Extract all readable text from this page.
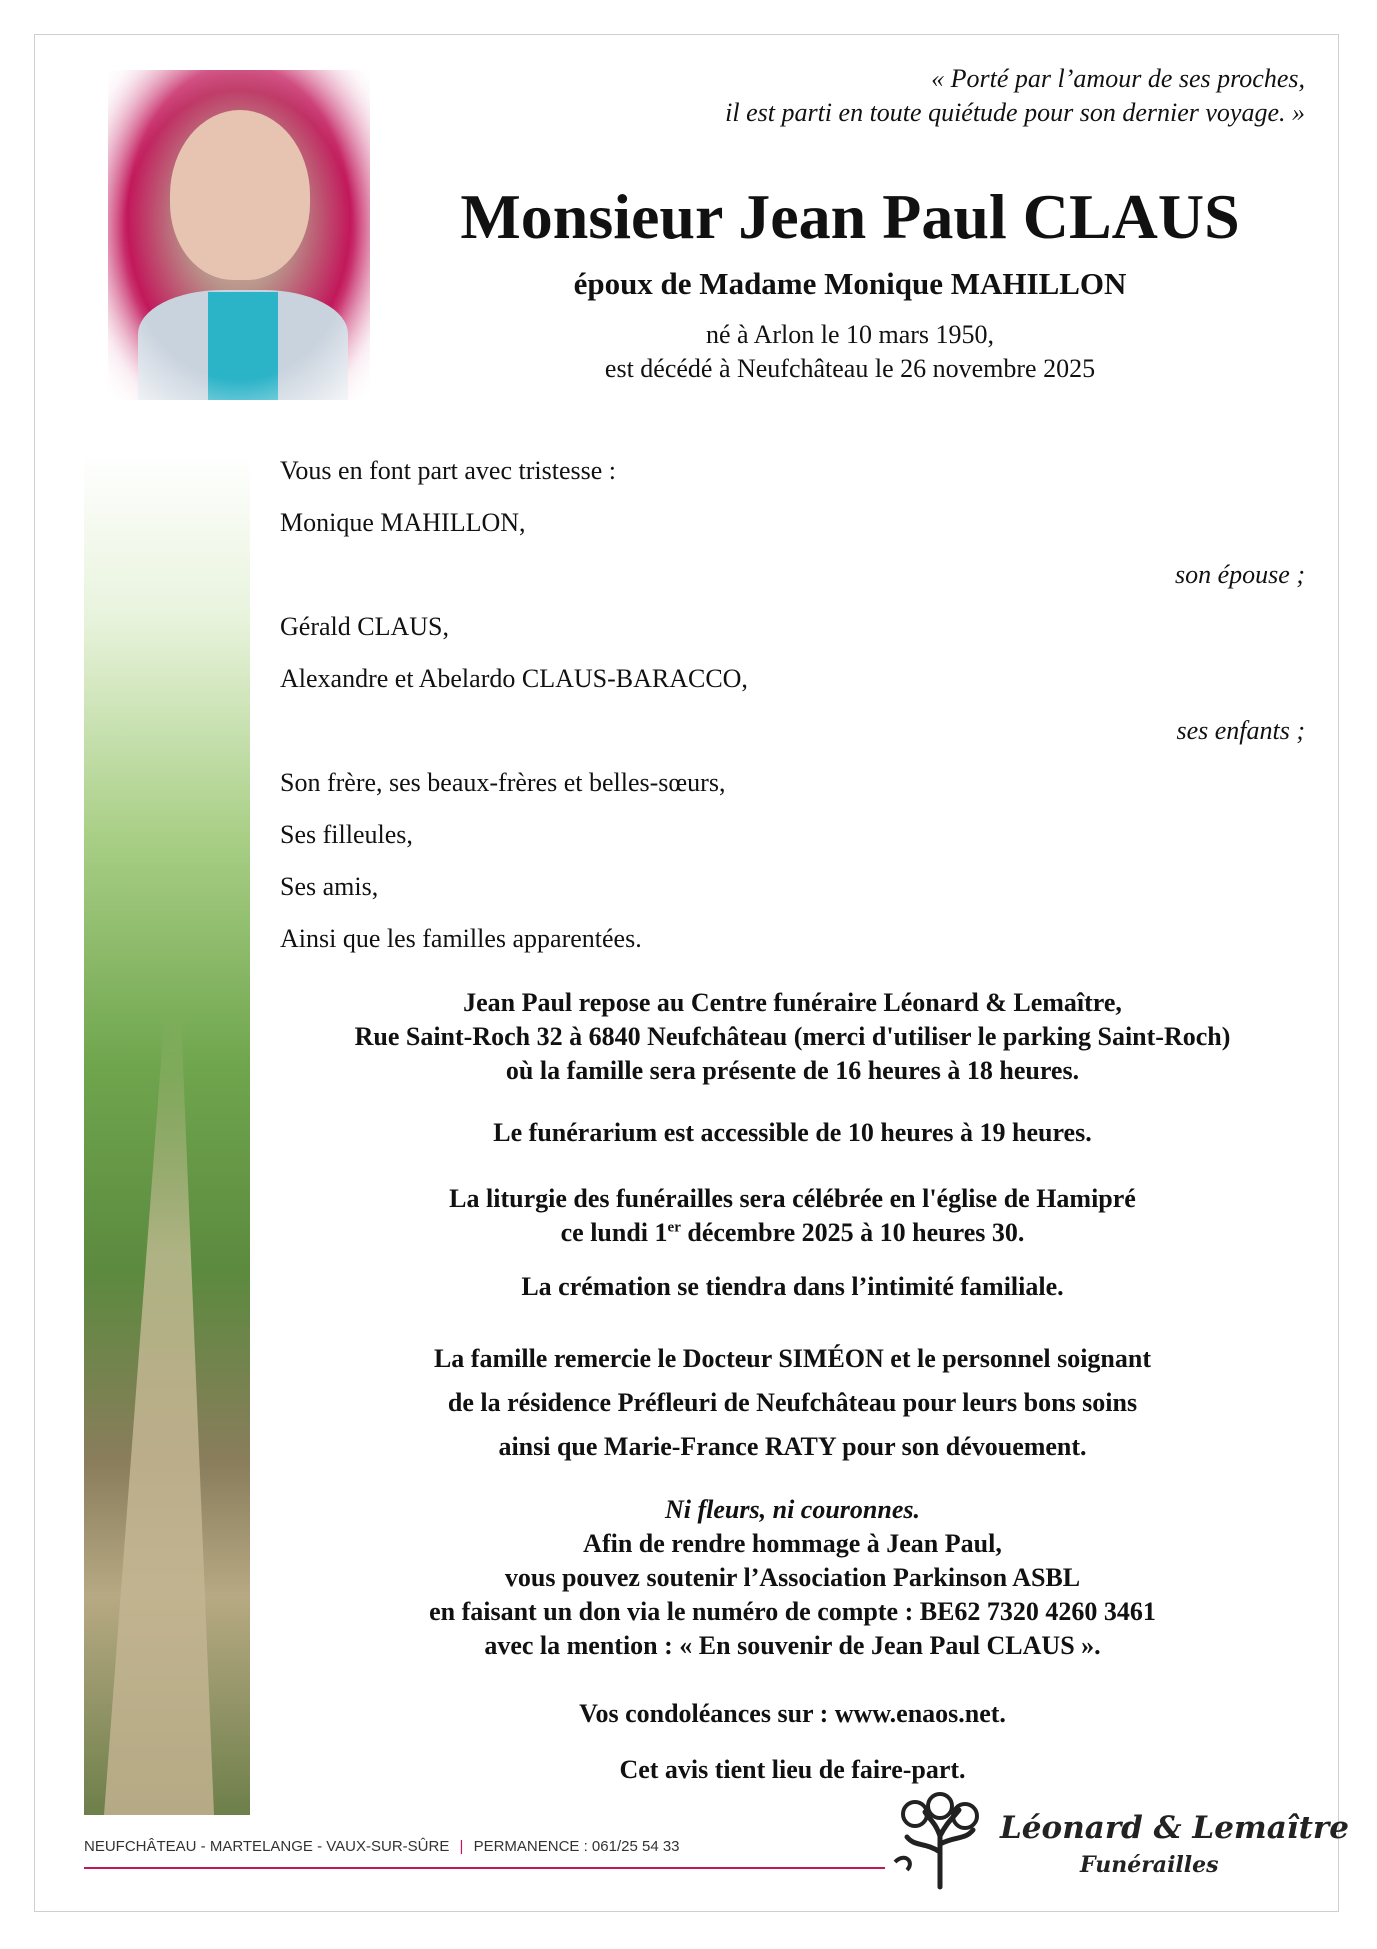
« Porté par l’amour de ses proches,
il est parti en toute quiétude pour son dernier voyage. »
Monsieur Jean Paul CLAUS
époux de Madame Monique MAHILLON
né à Arlon le 10 mars 1950,
est décédé à Neufchâteau le 26 novembre 2025
Vous en font part avec tristesse :
Monique MAHILLON,
son épouse ;
Gérald CLAUS,
Alexandre et Abelardo CLAUS-BARACCO,
ses enfants ;
Son frère, ses beaux-frères et belles-sœurs,
Ses filleules,
Ses amis,
Ainsi que les familles apparentées.
Jean Paul repose au Centre funéraire Léonard & Lemaître,
Rue Saint-Roch 32 à 6840 Neufchâteau (merci d'utiliser le parking Saint-Roch)
où la famille sera présente de 16 heures à 18 heures.
Le funérarium est accessible de 10 heures à 19 heures.
La liturgie des funérailles sera célébrée en l'église de Hamipré
ce lundi 1er décembre 2025 à 10 heures 30.
La crémation se tiendra dans l’intimité familiale.
La famille remercie le Docteur SIMÉON et le personnel soignant
de la résidence Préfleuri de Neufchâteau pour leurs bons soins
ainsi que Marie-France RATY pour son dévouement.
Ni fleurs, ni couronnes.
Afin de rendre hommage à Jean Paul,
vous pouvez soutenir l’Association Parkinson ASBL
en faisant un don via le numéro de compte : BE62 7320 4260 3461
avec la mention : « En souvenir de Jean Paul CLAUS ».
Vos condoléances sur : www.enaos.net.
Cet avis tient lieu de faire-part.
NEUFCHÂTEAU - MARTELANGE - VAUX-SUR-SÛRE | PERMANENCE : 061/25 54 33
Léonard & Lemaître
Funérailles
